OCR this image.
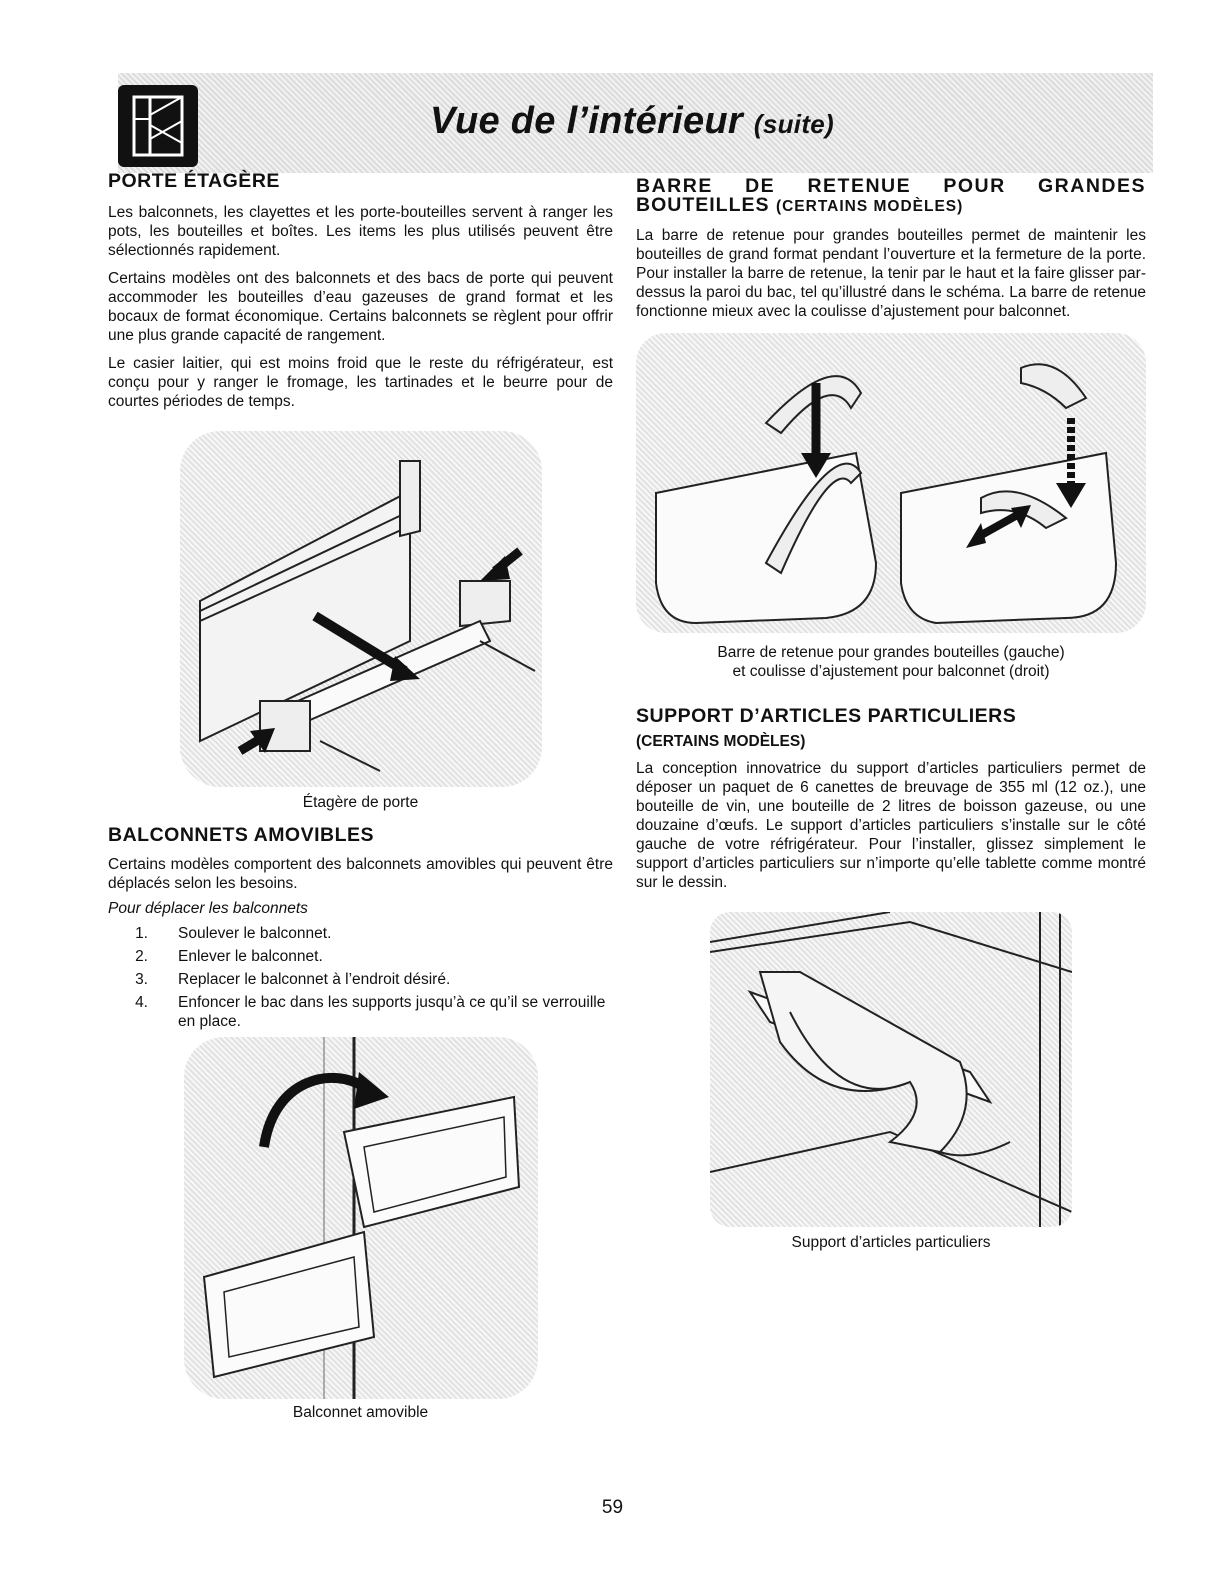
Vue de l’intérieur (suite)
PORTE ÉTAGÈRE

Les balconnets, les clayettes et les porte-bouteilles servent à ranger les pots, les bouteilles et boîtes. Les items les plus utilisés peuvent être sélectionnés rapidement.

Certains modèles ont des balconnets et des bacs de porte qui peuvent accommoder les bouteilles d’eau gazeuses de grand format et les bocaux de format économique. Certains balconnets se règlent pour offrir une plus grande capacité de rangement.

Le casier laitier, qui est moins froid que le reste du réfrigérateur, est conçu pour y ranger le fromage, les tartinades et le beurre pour de courtes périodes de temps.

Étagère de porte
BALCONNETS AMOVIBLES

Certains modèles comportent des balconnets amovibles qui peuvent être déplacés selon les besoins.

Pour déplacer les balconnets
1.	Soulever le balconnet.
2.	Enlever le balconnet.
3.	Replacer le balconnet à l’endroit désiré.
4.	Enfoncer le bac dans les supports jusqu’à ce qu’il se verrouille en place.
Balconnet amovible
BARRE DE RETENUE POUR GRANDES
BOUTEILLES (CERTAINS MODÈLES)

La barre de retenue pour grandes bouteilles permet de maintenir les bouteilles de grand format pendant l’ouverture et la fermeture de la porte. Pour installer la barre de retenue, la tenir par le haut et la faire glisser par-dessus la paroi du bac, tel qu’illustré dans le schéma. La barre de retenue fonctionne mieux avec la coulisse d’ajustement pour balconnet.

Barre de retenue pour grandes bouteilles (gauche)
et coulisse d’ajustement pour balconnet (droit)
SUPPORT D’ARTICLES PARTICULIERS
(CERTAINS MODÈLES)

La conception innovatrice du support d’articles particuliers permet de déposer un paquet de 6 canettes de breuvage de 355 ml (12 oz.), une bouteille de vin, une bouteille de 2 litres de boisson gazeuse, ou une douzaine d’œufs. Le support d’articles particuliers s’installe sur le côté gauche de votre réfrigérateur. Pour l’installer, glissez simplement le support d’articles particuliers sur n’importe qu’elle tablette comme montré sur le dessin.

Support d’articles particuliers
59
